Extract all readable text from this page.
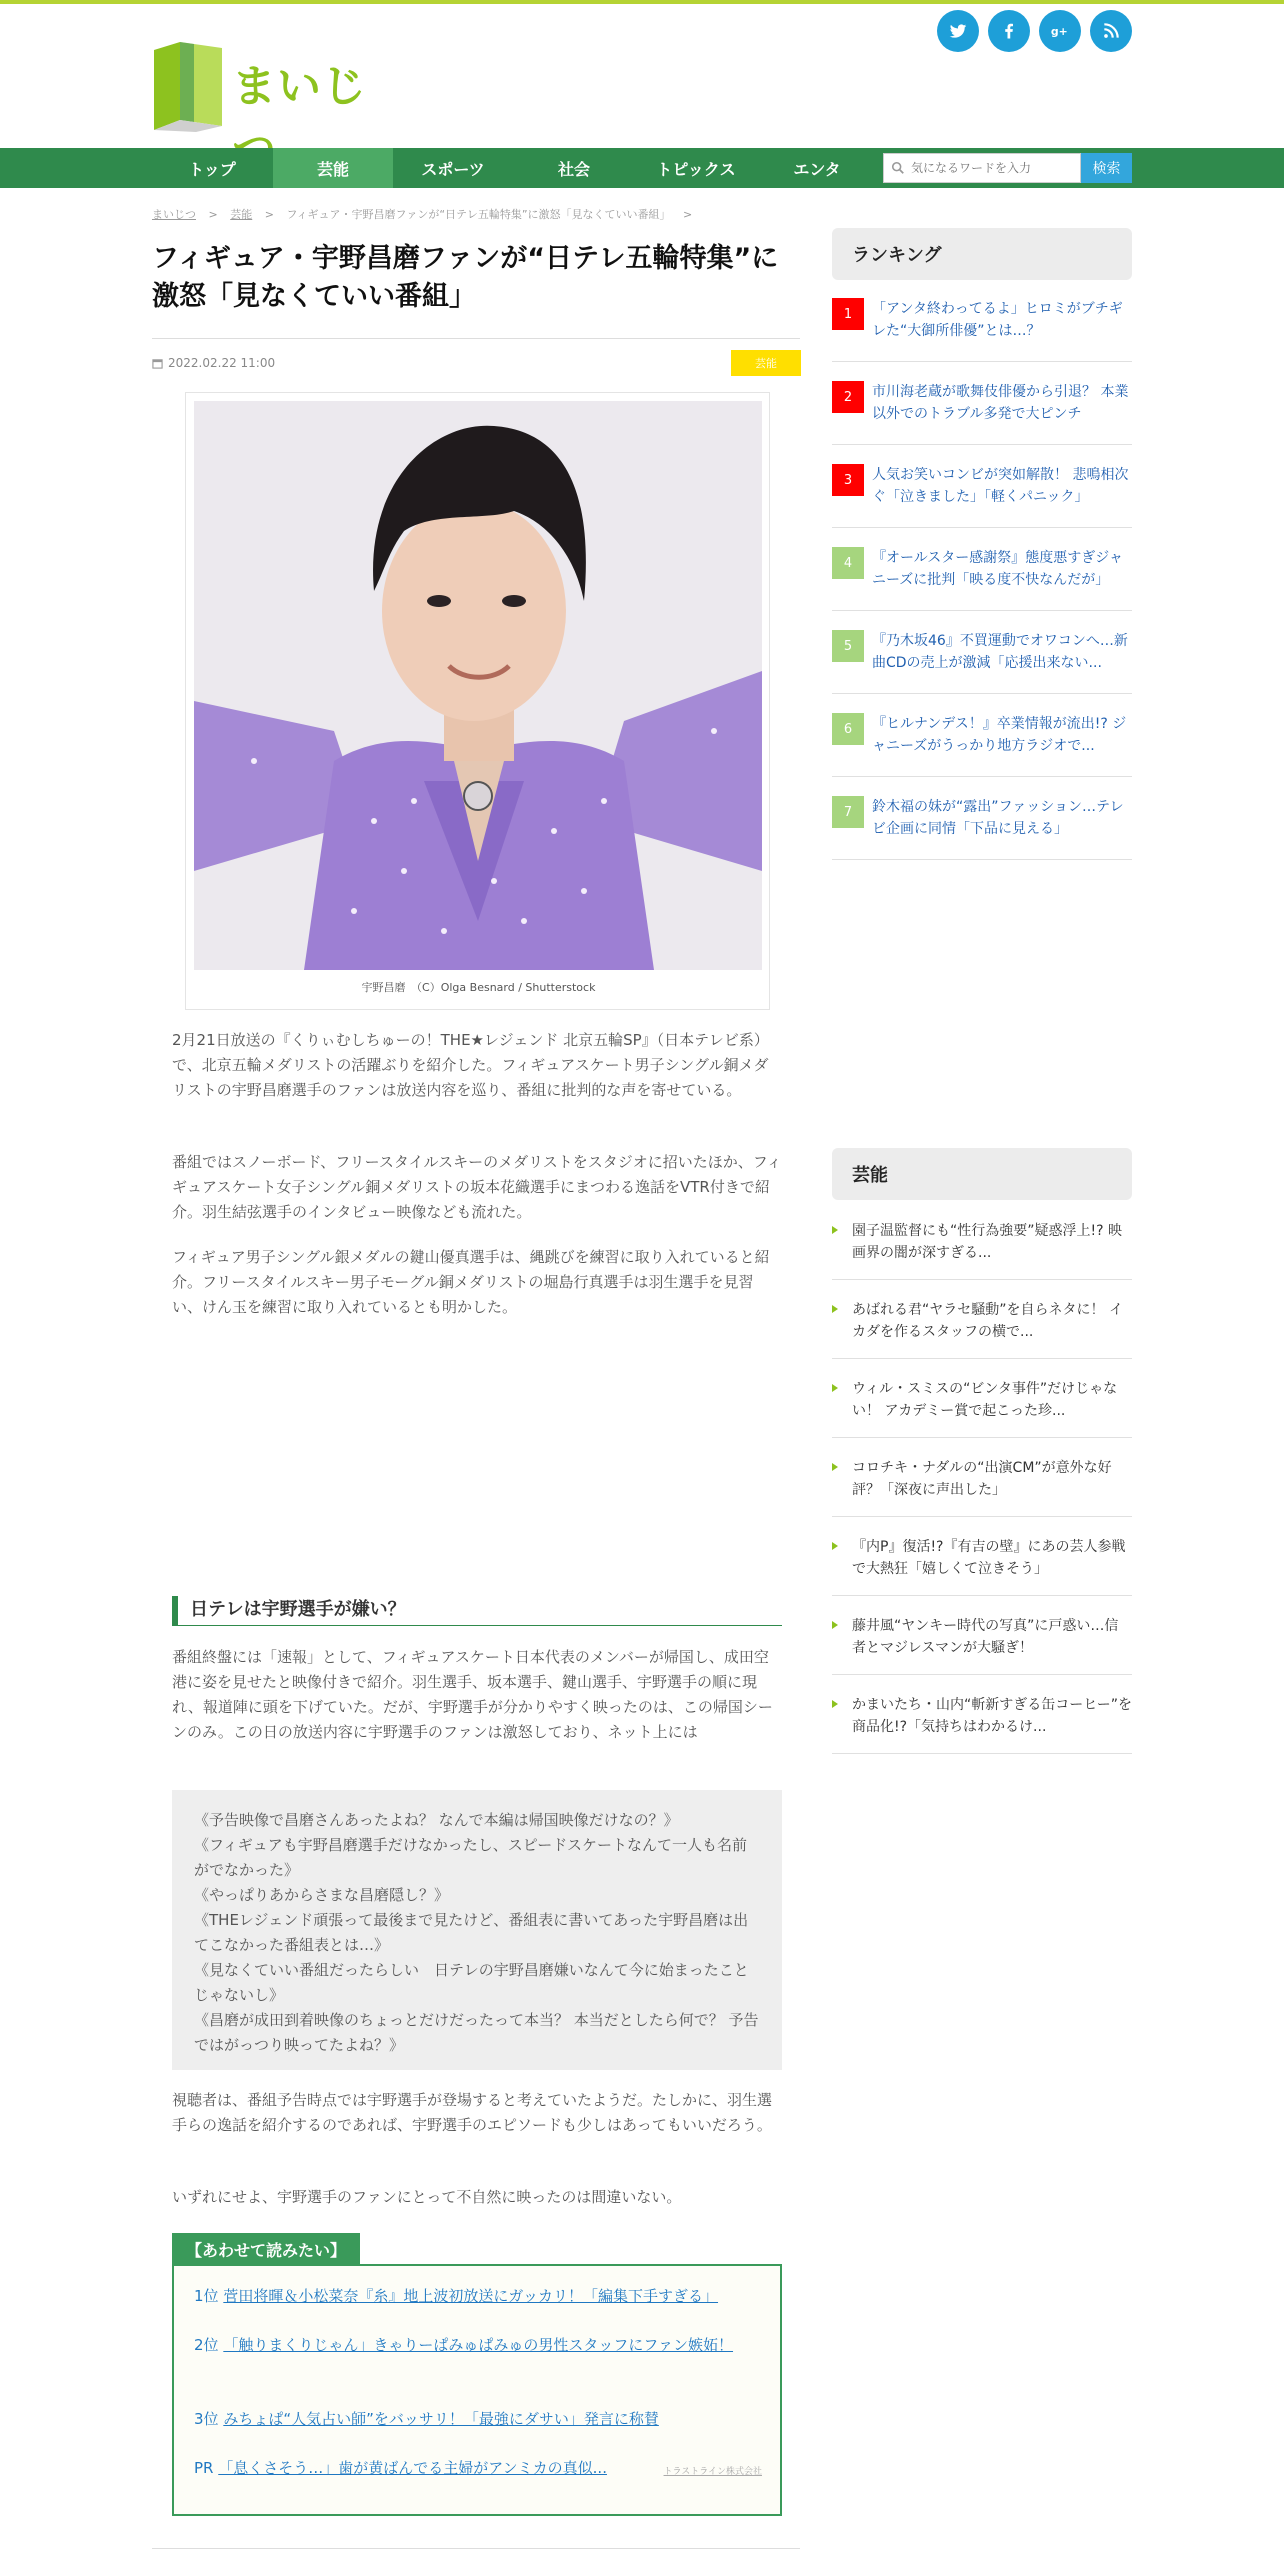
まいじ
g+
トップ	芸能	スポーツ	社会	トピックス	エンタ
気になるワードを入力	検索
まいじつ > 芸能 > フィギュア・宇野昌磨ファンが“日テレ五輪特集”に激怒「見なくていい番組」 >
フィギュア・宇野昌磨ファンが“日テレ五輪特集”に激怒「見なくていい番組」
2022.02.22 11:00	芸能
宇野昌磨　（C）Olga Besnard / Shutterstock

2月21日放送の『くりぃむしちゅーの！THE★レジェンド 北京五輪SP』（日本テレビ系）で、北京五輪メダリストの活躍ぶりを紹介した。フィギュアスケート男子シングル銅メダリストの宇野昌磨選手のファンは放送内容を巡り、番組に批判的な声を寄せている。

番組ではスノーボード、フリースタイルスキーのメダリストをスタジオに招いたほか、フィギュアスケート女子シングル銅メダリストの坂本花織選手にまつわる逸話をVTR付きで紹介。羽生結弦選手のインタビュー映像なども流れた。

フィギュア男子シングル銀メダルの鍵山優真選手は、縄跳びを練習に取り入れていると紹介。フリースタイルスキー男子モーグル銅メダリストの堀島行真選手は羽生選手を見習い、けん玉を練習に取り入れているとも明かした。

日テレは宇野選手が嫌い？

番組終盤には「速報」として、フィギュアスケート日本代表のメンバーが帰国し、成田空港に姿を見せたと映像付きで紹介。羽生選手、坂本選手、鍵山選手、宇野選手の順に現れ、報道陣に頭を下げていた。だが、宇野選手が分かりやすく映ったのは、この帰国シーンのみ。この日の放送内容に宇野選手のファンは激怒しており、ネット上には

《予告映像で昌磨さんあったよね？ なんで本編は帰国映像だけなの？》
《フィギュアも宇野昌磨選手だけなかったし、スピードスケートなんて一人も名前がでなかった》
《やっぱりあからさまな昌磨隠し？》
《THEレジェンド頑張って最後まで見たけど、番組表に書いてあった宇野昌磨は出てこなかった番組表とは…》
《見なくていい番組だったらしい　日テレの宇野昌磨嫌いなんて今に始まったことじゃないし》
《昌磨が成田到着映像のちょっとだけだったって本当？ 本当だとしたら何で？ 予告ではがっつり映ってたよね？》

視聴者は、番組予告時点では宇野選手が登場すると考えていたようだ。たしかに、羽生選手らの逸話を紹介するのであれば、宇野選手のエピソードも少しはあってもいいだろう。

いずれにせよ、宇野選手のファンにとって不自然に映ったのは間違いない。

【あわせて読みたい】
1位 菅田将暉＆小松菜奈『糸』地上波初放送にガッカリ！「編集下手すぎる」
2位 「触りまくりじゃん」きゃりーぱみゅぱみゅの男性スタッフにファン嫉妬！
3位 みちょぱ“人気占い師”をバッサリ！「最強にダサい」発言に称賛
PR 「息くさそう…」歯が黄ばんでる主婦がアンミカの真似...	トラストライン株式会社
ランキング
1	「アンタ終わってるよ」ヒロミがブチギレた“大御所俳優”とは…？
2	市川海老蔵が歌舞伎俳優から引退？ 本業以外でのトラブル多発で大ピンチ
3	人気お笑いコンビが突如解散！ 悲鳴相次ぐ「泣きました」「軽くパニック」
4	『オールスター感謝祭』態度悪すぎジャニーズに批判「映る度不快なんだが」
5	『乃木坂46』不買運動でオワコンへ…新曲CDの売上が激減「応援出来ない...
6	『ヒルナンデス！』卒業情報が流出!? ジャニーズがうっかり地方ラジオで...
7	鈴木福の妹が“露出”ファッション…テレビ企画に同情「下品に見える」
芸能
園子温監督にも“性行為強要”疑惑浮上!? 映画界の闇が深すぎる...
あばれる君“ヤラセ騒動”を自らネタに！ イカダを作るスタッフの横で...
ウィル・スミスの“ビンタ事件”だけじゃない！ アカデミー賞で起こった珍...
コロチキ・ナダルの“出演CM”が意外な好評？「深夜に声出した」
『内P』復活!?『有吉の壁』にあの芸人参戦で大熱狂「嬉しくて泣きそう」
藤井風“ヤンキー時代の写真”に戸惑い…信者とマジレスマンが大騒ぎ！
かまいたち・山内“斬新すぎる缶コーヒー”を商品化!?「気持ちはわかるけ...
